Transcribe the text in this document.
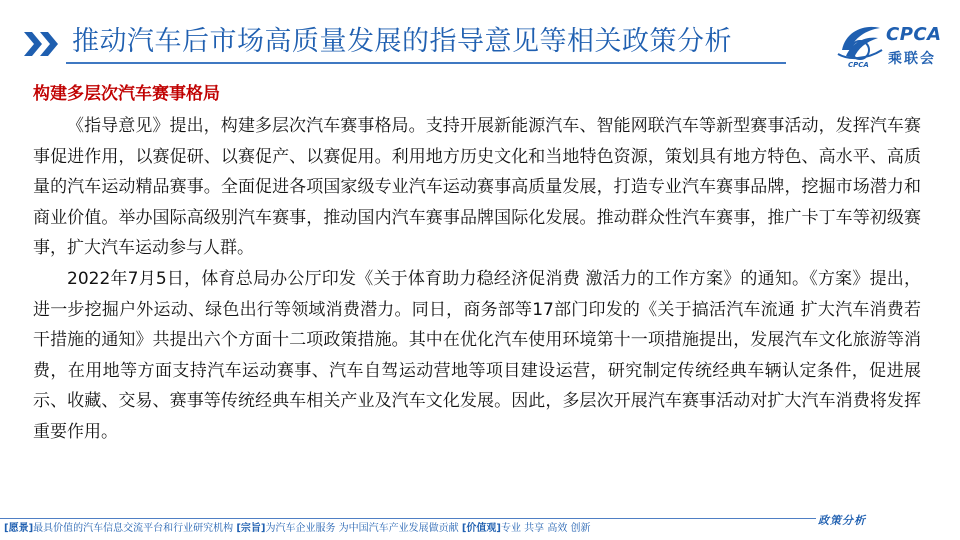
推动汽车后市场高质量发展的指导意见等相关政策分析	CPCA
乘联会
CPCA
构建多层次汽车赛事格局

《指导意见》提出，构建多层次汽车赛事格局。支持开展新能源汽车、智能网联汽车等新型赛事活动，发挥汽车赛事促进作用，以赛促研、以赛促产、以赛促用。利用地方历史文化和当地特色资源，策划具有地方特色、高水平、高质量的汽车运动精品赛事。全面促进各项国家级专业汽车运动赛事高质量发展，打造专业汽车赛事品牌，挖掘市场潜力和商业价值。举办国际高级别汽车赛事，推动国内汽车赛事品牌国际化发展。推动群众性汽车赛事，推广卡丁车等初级赛事，扩大汽车运动参与人群。

2022年7月5日，体育总局办公厅印发《关于体育助力稳经济促消费 激活力的工作方案》的通知。《方案》提出，进一步挖掘户外运动、绿色出行等领域消费潜力。同日，商务部等17部门印发的《关于搞活汽车流通 扩大汽车消费若干措施的通知》共提出六个方面十二项政策措施。其中在优化汽车使用环境第十一项措施提出，发展汽车文化旅游等消费，在用地等方面支持汽车运动赛事、汽车自驾运动营地等项目建设运营，研究制定传统经典车辆认定条件，促进展示、收藏、交易、赛事等传统经典车相关产业及汽车文化发展。因此，多层次开展汽车赛事活动对扩大汽车消费将发挥重要作用。

[愿景]最具价值的汽车信息交流平台和行业研究机构 [宗旨]为汽车企业服务 为中国汽车产业发展做贡献 [价值观]专业 共享 高效 创新
政策分析
